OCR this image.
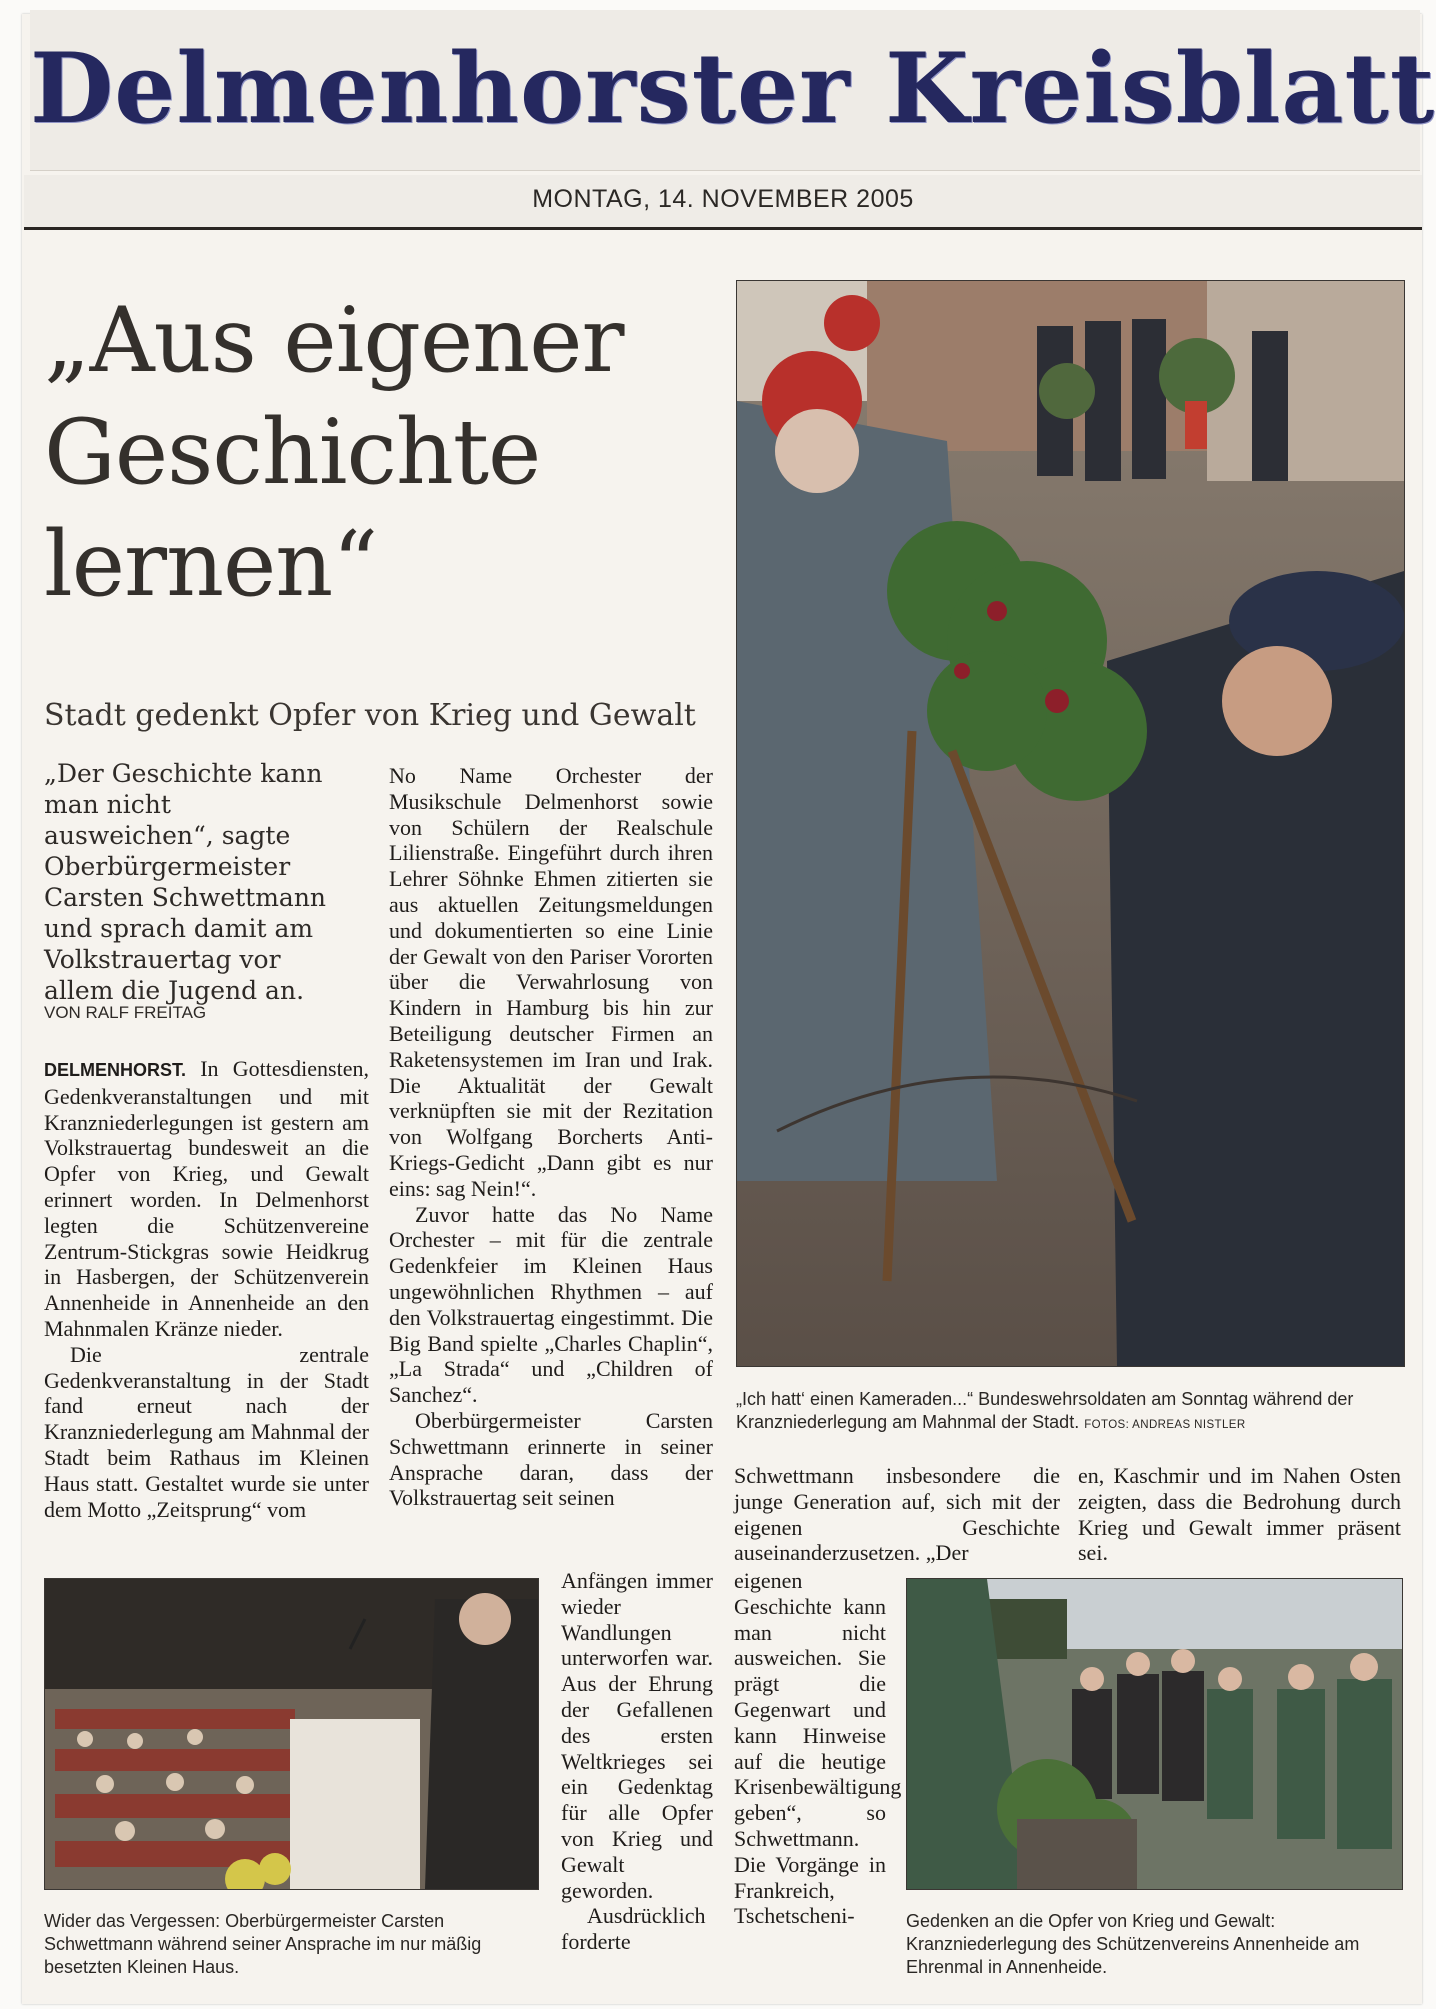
Delmenhorster Kreisblatt
MONTAG, 14. NOVEMBER 2005
„Aus eigener
Geschichte
lernen“
Stadt gedenkt Opfer von Krieg und Gewalt
„Der Geschichte kann man nicht ausweichen“, sagte Oberbürgermeister Carsten Schwettmann und sprach damit am Volkstrauertag vor allem die Jugend an.
VON RALF FREITAG

DELMENHORST. In Gottesdiensten, Gedenkveranstaltungen und mit Kranzniederlegungen ist gestern am Volkstrauertag bundesweit an die Opfer von Krieg, und Gewalt erinnert worden. In Delmenhorst legten die Schützenvereine Zentrum-Stickgras sowie Heidkrug in Hasbergen, der Schützenverein Annenheide in Annenheide an den Mahnmalen Kränze nieder.

Die zentrale Gedenkveranstaltung in der Stadt fand erneut nach der Kranzniederlegung am Mahnmal der Stadt beim Rathaus im Kleinen Haus statt. Gestaltet wurde sie unter dem Motto „Zeitsprung“ vom

No Name Orchester der Musikschule Delmenhorst sowie von Schülern der Realschule Lilienstraße. Eingeführt durch ihren Lehrer Söhnke Ehmen zitierten sie aus aktuellen Zeitungsmeldungen und dokumentierten so eine Linie der Gewalt von den Pariser Vororten über die Verwahrlosung von Kindern in Hamburg bis hin zur Beteiligung deutscher Firmen an Raketensystemen im Iran und Irak. Die Aktualität der Gewalt verknüpften sie mit der Rezitation von Wolfgang Borcherts Anti-Kriegs-Gedicht „Dann gibt es nur eins: sag Nein!“.

Zuvor hatte das No Name Orchester – mit für die zentrale Gedenkfeier im Kleinen Haus ungewöhnlichen Rhythmen – auf den Volkstrauertag eingestimmt. Die Big Band spielte „Charles Chaplin“, „La Strada“ und „Children of Sanchez“.

Oberbürgermeister Carsten Schwettmann erinnerte in seiner Ansprache daran, dass der Volkstrauertag seit seinen

Anfängen immer wieder Wandlungen unterworfen war. Aus der Ehrung der Gefallenen des ersten Weltkrieges sei ein Gedenktag für alle Opfer von Krieg und Gewalt geworden.

Ausdrücklich forderte

Schwettmann insbesondere die junge Generation auf, sich mit der eigenen Geschichte auseinanderzusetzen. „Der

eigenen Geschichte kann man nicht ausweichen. Sie prägt die Gegenwart und kann Hinweise auf die heutige Krisenbewältigung geben“, so Schwettmann. Die Vorgänge in Frankreich, Tschetscheni-

en, Kaschmir und im Nahen Osten zeigten, dass die Bedrohung durch Krieg und Gewalt immer präsent sei.

„Ich hatt‘ einen Kameraden...“ Bundeswehrsoldaten am Sonntag während der Kranzniederlegung am Mahnmal der Stadt. FOTOS: ANDREAS NISTLER
Wider das Vergessen: Oberbürgermeister Carsten Schwettmann während seiner Ansprache im nur mäßig besetzten Kleinen Haus.
Gedenken an die Opfer von Krieg und Gewalt: Kranzniederlegung des Schützenvereins Annenheide am Ehrenmal in Annenheide.
